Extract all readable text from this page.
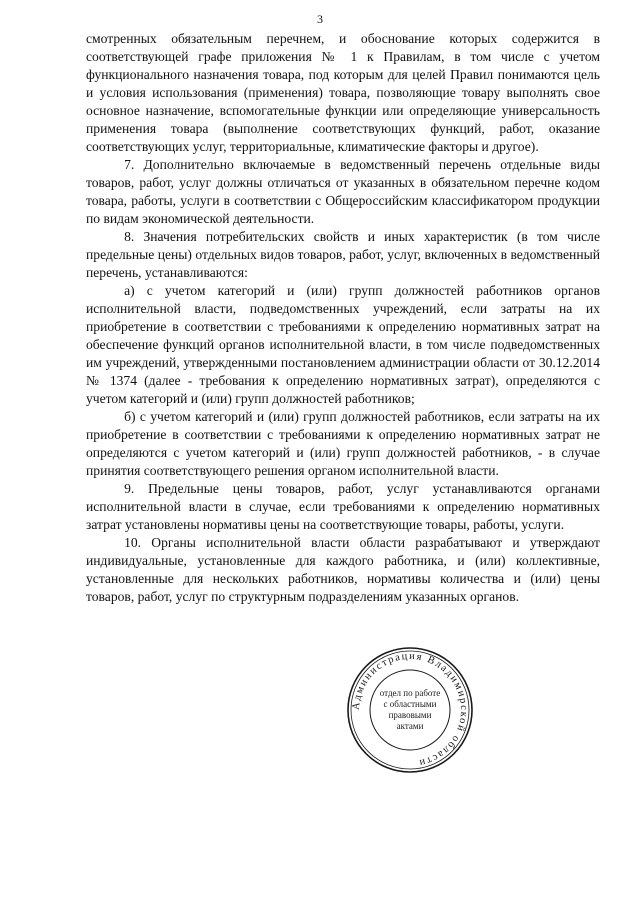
3

смотренных обязательным перечнем, и обоснование которых содержится в соответствующей графе приложения № 1 к Правилам, в том числе с учетом функционального назначения товара, под которым для целей Правил понимаются цель и условия использования (применения) товара, позволяющие товару выполнять свое основное назначение, вспомогательные функции или определяющие универсальность применения товара (выполнение соответствующих функций, работ, оказание соответствующих услуг, территориальные, климатические факторы и другое).

7. Дополнительно включаемые в ведомственный перечень отдельные виды товаров, работ, услуг должны отличаться от указанных в обязательном перечне кодом товара, работы, услуги в соответствии с Общероссийским классификатором продукции по видам экономической деятельности.

8. Значения потребительских свойств и иных характеристик (в том числе предельные цены) отдельных видов товаров, работ, услуг, включенных в ведомственный перечень, устанавливаются:

а) с учетом категорий и (или) групп должностей работников органов исполнительной власти, подведомственных учреждений, если затраты на их приобретение в соответствии с требованиями к определению нормативных затрат на обеспечение функций органов исполнительной власти, в том числе подведомственных им учреждений, утвержденными постановлением администрации области от 30.12.2014 № 1374 (далее - требования к определению нормативных затрат), определяются с учетом категорий и (или) групп должностей работников;

б) с учетом категорий и (или) групп должностей работников, если затраты на их приобретение в соответствии с требованиями к определению нормативных затрат не определяются с учетом категорий и (или) групп должностей работников, - в случае принятия соответствующего решения органом исполнительной власти.

9. Предельные цены товаров, работ, услуг устанавливаются органами исполнительной власти в случае, если требованиями к определению нормативных затрат установлены нормативы цены на соответствующие товары, работы, услуги.

10. Органы исполнительной власти области разрабатывают и утверждают индивидуальные, установленные для каждого работника, и (или) коллективные, установленные для нескольких работников, нормативы количества и (или) цены товаров, работ, услуг по структурным подразделениям указанных органов.

Администрация Владимирской области
отдел по работе
с областными
правовыми
актами
